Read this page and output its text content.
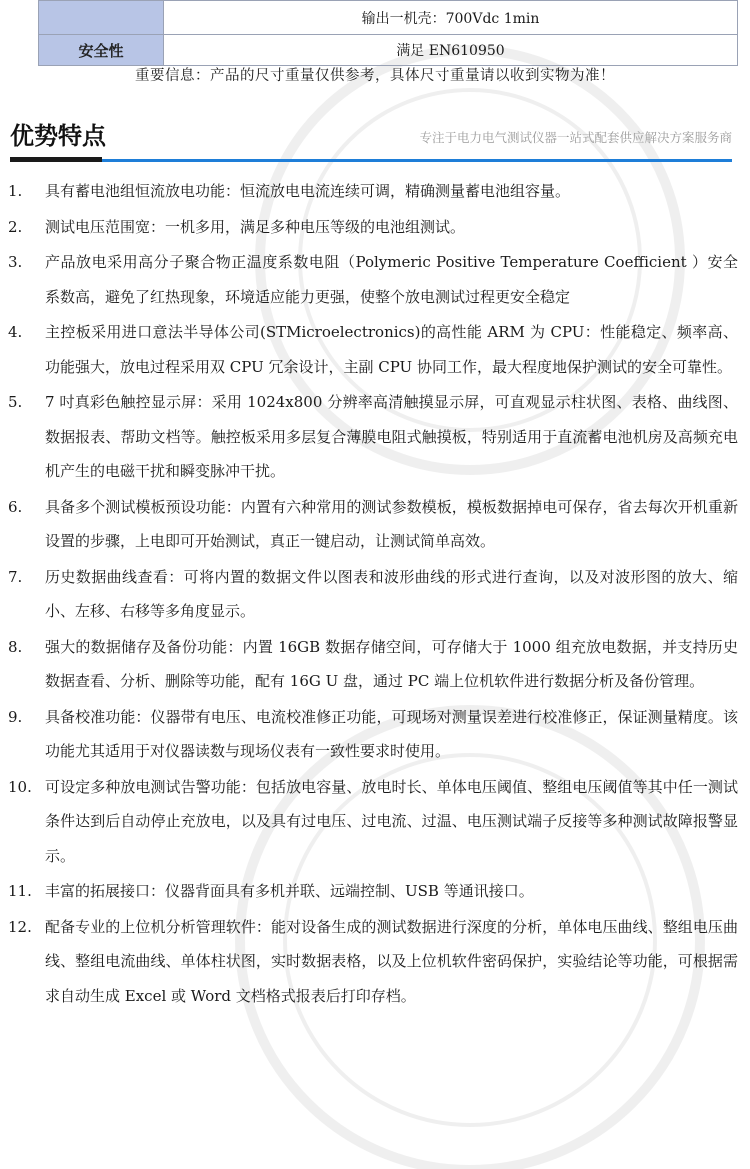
	输出一机壳：700Vdc 1min
安全性	满足 EN610950
重要信息：产品的尺寸重量仅供参考，具体尺寸重量请以收到实物为准！
优势特点	专注于电力电气测试仪器一站式配套供应解决方案服务商
1. 具有蓄电池组恒流放电功能：恒流放电电流连续可调，精确测量蓄电池组容量。
2. 测试电压范围宽：一机多用，满足多种电压等级的电池组测试。
3. 产品放电采用高分子聚合物正温度系数电阻（Polymeric Positive Temperature Coefficient ）安全系数高，避免了红热现象，环境适应能力更强，使整个放电测试过程更安全稳定
4. 主控板采用进口意法半导体公司(STMicroelectronics)的高性能 ARM 为 CPU：性能稳定、频率高、功能强大，放电过程采用双 CPU 冗余设计，主副 CPU 协同工作，最大程度地保护测试的安全可靠性。
5. 7 吋真彩色触控显示屏：采用 1024x800 分辨率高清触摸显示屏，可直观显示柱状图、表格、曲线图、数据报表、帮助文档等。触控板采用多层复合薄膜电阻式触摸板，特别适用于直流蓄电池机房及高频充电机产生的电磁干扰和瞬变脉冲干扰。
6. 具备多个测试模板预设功能：内置有六种常用的测试参数模板，模板数据掉电可保存，省去每次开机重新设置的步骤，上电即可开始测试，真正一键启动，让测试简单高效。
7. 历史数据曲线查看：可将内置的数据文件以图表和波形曲线的形式进行查询，以及对波形图的放大、缩小、左移、右移等多角度显示。
8. 强大的数据储存及备份功能：内置 16GB 数据存储空间，可存储大于 1000 组充放电数据，并支持历史数据查看、分析、删除等功能，配有 16G U 盘，通过 PC 端上位机软件进行数据分析及备份管理。
9. 具备校准功能：仪器带有电压、电流校准修正功能，可现场对测量误差进行校准修正，保证测量精度。该功能尤其适用于对仪器读数与现场仪表有一致性要求时使用。
10. 可设定多种放电测试告警功能：包括放电容量、放电时长、单体电压阈值、整组电压阈值等其中任一测试条件达到后自动停止充放电，以及具有过电压、过电流、过温、电压测试端子反接等多种测试故障报警显示。
11. 丰富的拓展接口：仪器背面具有多机并联、远端控制、USB 等通讯接口。
12. 配备专业的上位机分析管理软件：能对设备生成的测试数据进行深度的分析，单体电压曲线、整组电压曲线、整组电流曲线、单体柱状图，实时数据表格，以及上位机软件密码保护，实验结论等功能，可根据需求自动生成 Excel 或 Word 文档格式报表后打印存档。
